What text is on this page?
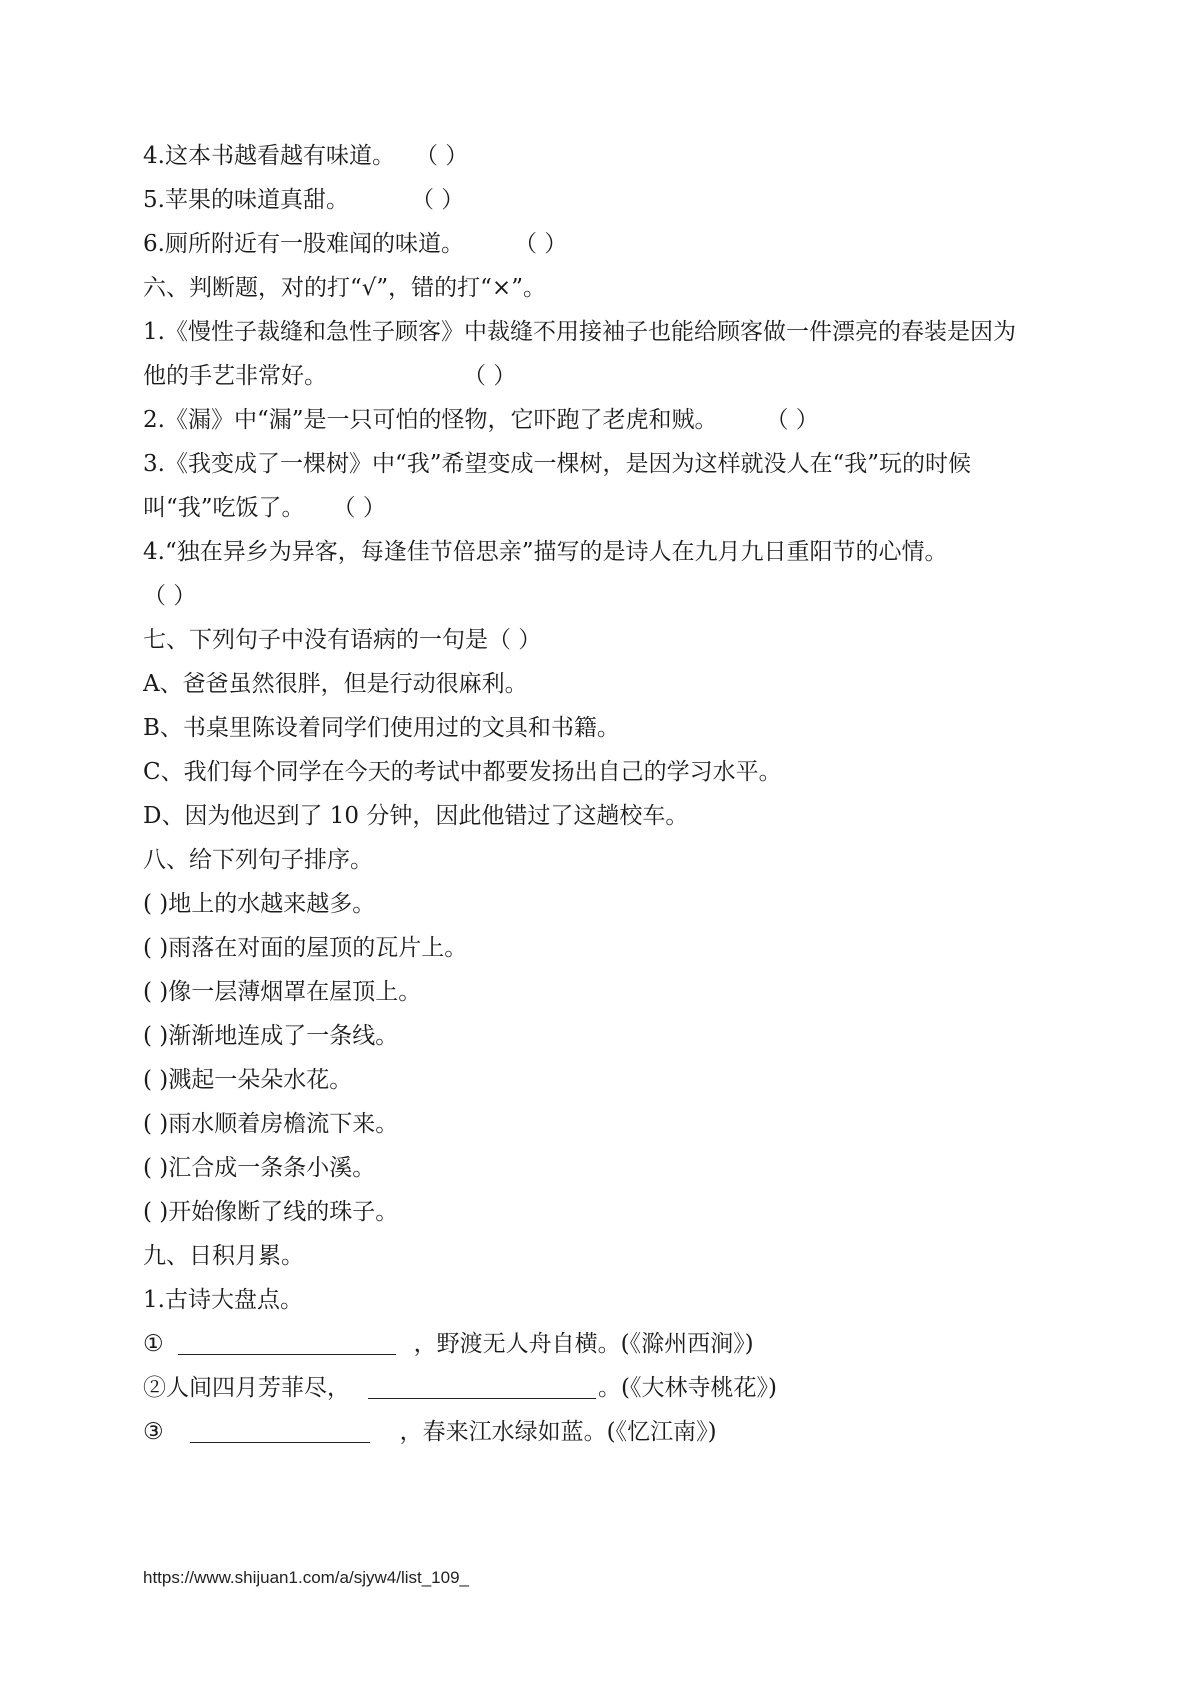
4.这本书越看越有味道。 （ ）
5.苹果的味道真甜。	（ ）
6.厕所附近有一股难闻的味道。 （ ）
六、判断题，对的打“√”，错的打“×”。
1.《慢性子裁缝和急性子顾客》中裁缝不用接袖子也能给顾客做一件漂亮的春装是因为
他的手艺非常好。	（ ）
2.《漏》中“漏”是一只可怕的怪物，它吓跑了老虎和贼。 （ ）
3.《我变成了一棵树》中“我”希望变成一棵树，是因为这样就没人在“我”玩的时候
叫“我”吃饭了。 （ ）
4.“独在异乡为异客，每逢佳节倍思亲”描写的是诗人在九月九日重阳节的心情。
（ ）
七、下列句子中没有语病的一句是（ ）
A、爸爸虽然很胖，但是行动很麻利。
B、书桌里陈设着同学们使用过的文具和书籍。
C、我们每个同学在今天的考试中都要发扬出自己的学习水平。
D、因为他迟到了 10 分钟，因此他错过了这趟校车。
八、给下列句子排序。
( )地上的水越来越多。
( )雨落在对面的屋顶的瓦片上。
( )像一层薄烟罩在屋顶上。
( )渐渐地连成了一条线。
( )溅起一朵朵水花。
( )雨水顺着房檐流下来。
( )汇合成一条条小溪。
( )开始像断了线的珠子。
九、日积月累。
1.古诗大盘点。
①	，野渡无人舟自横。(《滁州西涧》)
②人间四月芳菲尽，	。(《大林寺桃花》)
③	，春来江水绿如蓝。(《忆江南》)
https://www.shijuan1.com/a/sjyw4/list_109_
